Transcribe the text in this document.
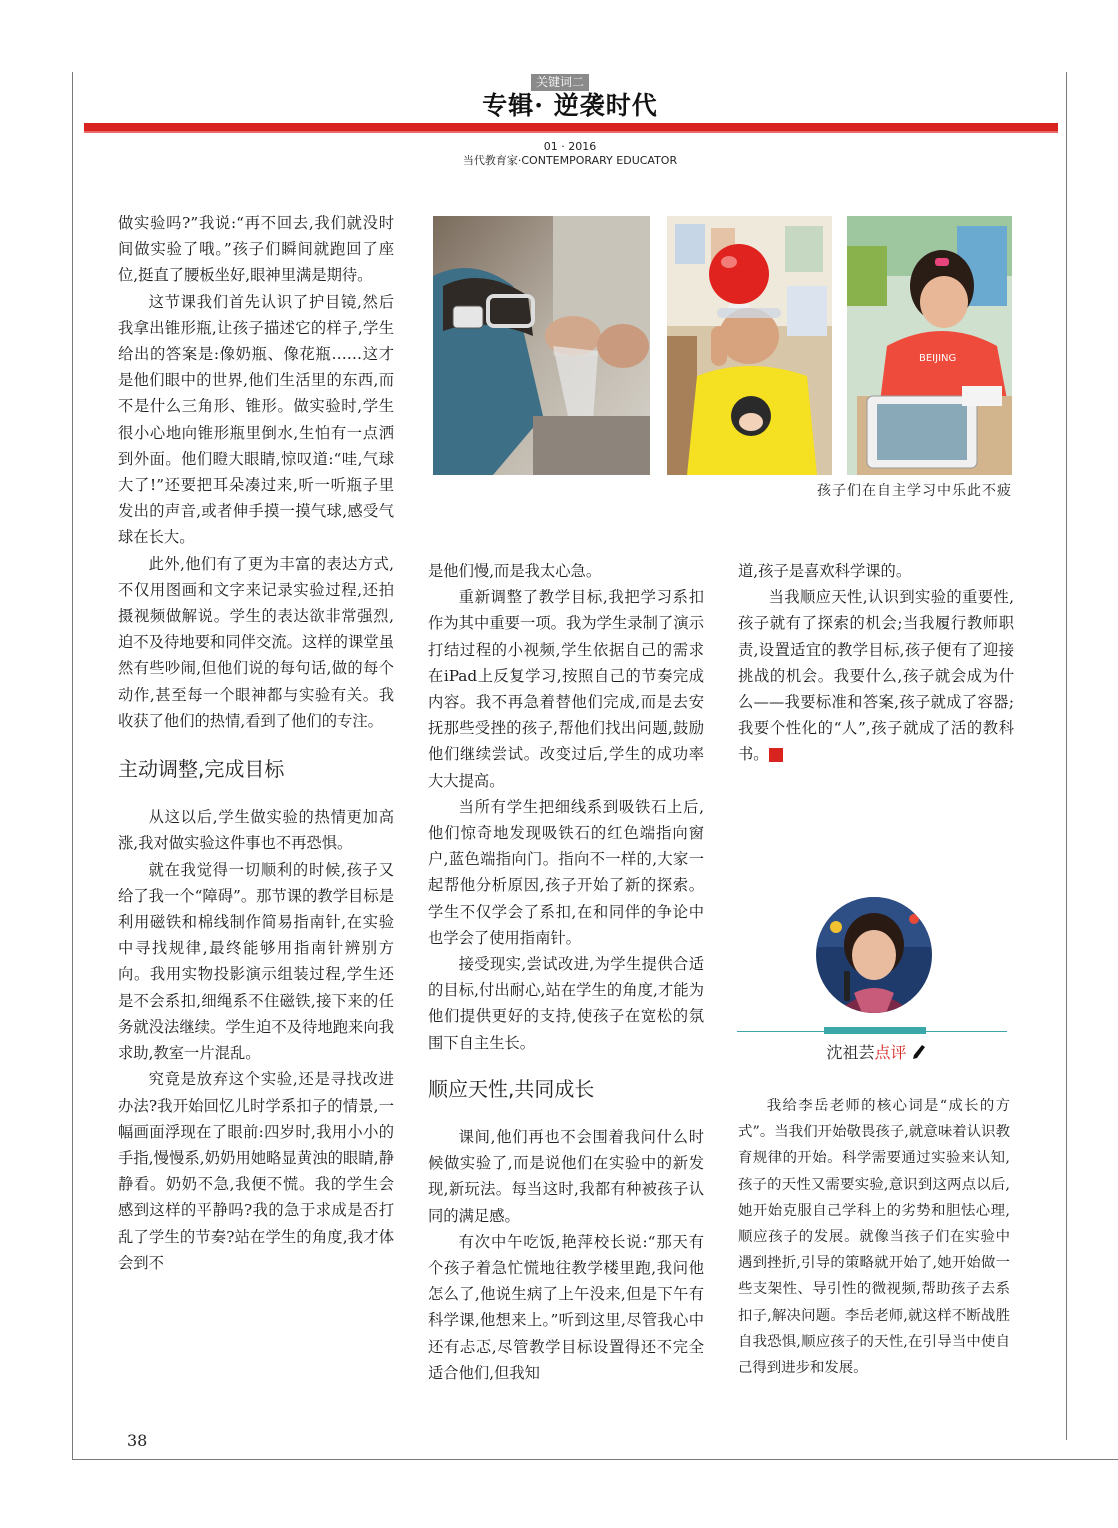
关键词二
专辑· 逆袭时代
01 · 2016
当代教育家·CONTEMPORARY EDUCATOR

做实验吗?”我说:“再不回去,我们就没时间做实验了哦。”孩子们瞬间就跑回了座位,挺直了腰板坐好,眼神里满是期待。

这节课我们首先认识了护目镜,然后我拿出锥形瓶,让孩子描述它的样子,学生给出的答案是:像奶瓶、像花瓶……这才是他们眼中的世界,他们生活里的东西,而不是什么三角形、锥形。做实验时,学生很小心地向锥形瓶里倒水,生怕有一点洒到外面。他们瞪大眼睛,惊叹道:“哇,气球大了!”还要把耳朵凑过来,听一听瓶子里发出的声音,或者伸手摸一摸气球,感受气球在长大。

此外,他们有了更为丰富的表达方式,不仅用图画和文字来记录实验过程,还拍摄视频做解说。学生的表达欲非常强烈,迫不及待地要和同伴交流。这样的课堂虽然有些吵闹,但他们说的每句话,做的每个动作,甚至每一个眼神都与实验有关。我收获了他们的热情,看到了他们的专注。

主动调整,完成目标

从这以后,学生做实验的热情更加高涨,我对做实验这件事也不再恐惧。

就在我觉得一切顺利的时候,孩子又给了我一个“障碍”。那节课的教学目标是利用磁铁和棉线制作简易指南针,在实验中寻找规律,最终能够用指南针辨别方向。我用实物投影演示组装过程,学生还是不会系扣,细绳系不住磁铁,接下来的任务就没法继续。学生迫不及待地跑来向我求助,教室一片混乱。

究竟是放弃这个实验,还是寻找改进办法?我开始回忆儿时学系扣子的情景,一幅画面浮现在了眼前:四岁时,我用小小的手指,慢慢系,奶奶用她略显黄浊的眼睛,静静看。奶奶不急,我便不慌。我的学生会感到这样的平静吗?我的急于求成是否打乱了学生的节奏?站在学生的角度,我才体会到不

是他们慢,而是我太心急。

重新调整了教学目标,我把学习系扣作为其中重要一项。我为学生录制了演示打结过程的小视频,学生依据自己的需求在iPad上反复学习,按照自己的节奏完成内容。我不再急着替他们完成,而是去安抚那些受挫的孩子,帮他们找出问题,鼓励他们继续尝试。改变过后,学生的成功率大大提高。

当所有学生把细线系到吸铁石上后,他们惊奇地发现吸铁石的红色端指向窗户,蓝色端指向门。指向不一样的,大家一起帮他分析原因,孩子开始了新的探索。学生不仅学会了系扣,在和同伴的争论中也学会了使用指南针。

接受现实,尝试改进,为学生提供合适的目标,付出耐心,站在学生的角度,才能为他们提供更好的支持,使孩子在宽松的氛围下自主生长。

顺应天性,共同成长

课间,他们再也不会围着我问什么时候做实验了,而是说他们在实验中的新发现,新玩法。每当这时,我都有种被孩子认同的满足感。

有次中午吃饭,艳萍校长说:“那天有个孩子着急忙慌地往教学楼里跑,我问他怎么了,他说生病了上午没来,但是下午有科学课,他想来上。”听到这里,尽管我心中还有忐忑,尽管教学目标设置得还不完全适合他们,但我知

道,孩子是喜欢科学课的。

当我顺应天性,认识到实验的重要性,孩子就有了探索的机会;当我履行教师职责,设置适宜的教学目标,孩子便有了迎接挑战的机会。我要什么,孩子就会成为什么——我要标准和答案,孩子就成了容器;我要个性化的“人”,孩子就成了活的教科书。	家

BEIJING
孩子们在自主学习中乐此不疲
沈祖芸点评

我给李岳老师的核心词是“成长的方式”。当我们开始敬畏孩子,就意味着认识教育规律的开始。科学需要通过实验来认知,孩子的天性又需要实验,意识到这两点以后,她开始克服自己学科上的劣势和胆怯心理,顺应孩子的发展。就像当孩子们在实验中遇到挫折,引导的策略就开始了,她开始做一些支架性、导引性的微视频,帮助孩子去系扣子,解决问题。李岳老师,就这样不断战胜自我恐惧,顺应孩子的天性,在引导当中使自己得到进步和发展。

38
